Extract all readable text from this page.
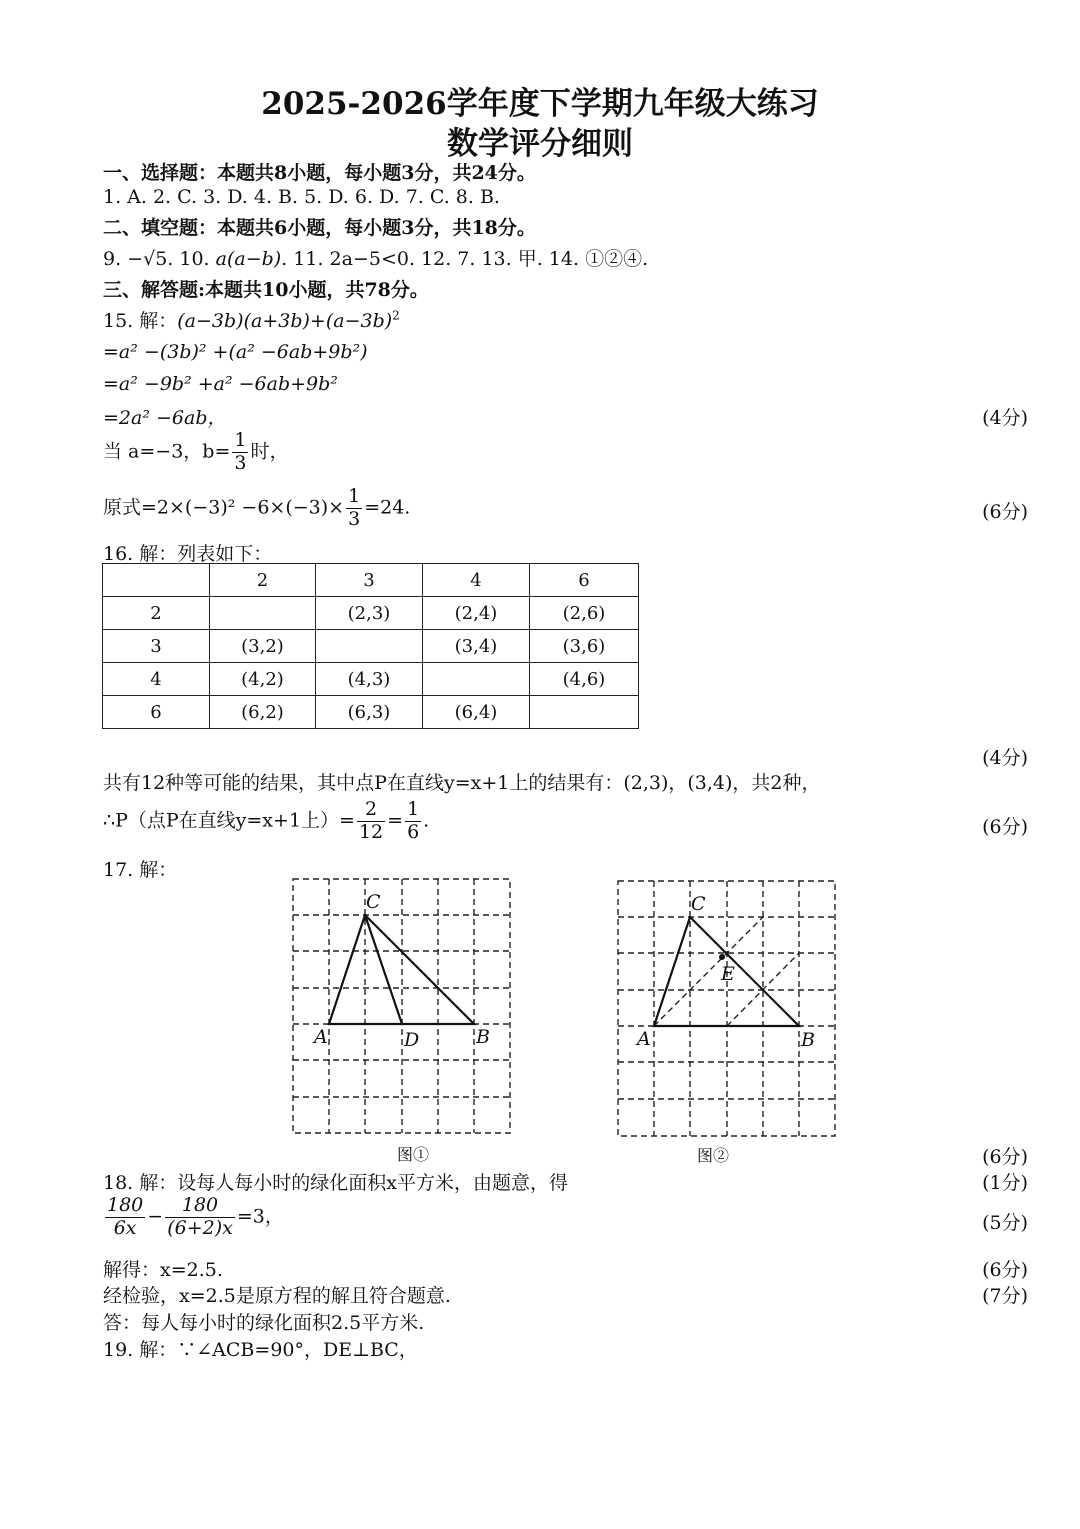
2025-2026学年度下学期九年级大练习
数学评分细则
一、选择题：本题共8小题，每小题3分，共24分。
1. A. 2. C. 3. D. 4. B. 5. D. 6. D. 7. C. 8. B.
二、填空题：本题共6小题，每小题3分，共18分。
9. −√5. 10. a(a−b). 11. 2a−5<0. 12. 7. 13. 甲. 14. ①②④.
三、解答题:本题共10小题，共78分。
15. 解：$(a-3b)(a+3b)+(a-3b)^2$
=a² −(3b)² +(a² −6ab+9b²)
=a² −9b² +a² −6ab+9b²
=2a² −6ab，	(4分)
当 a=−3，$b= \frac{1}{3}$ 时，
原式$=2\times(-3)^2 -6\times(-3)\times \frac{1}{3} =24$.	(6分)
16. 解：列表如下：
	2	3	4	6
2		(2,3)	(2,4)	(2,6)
3	(3,2)		(3,4)	(3,6)
4	(4,2)	(4,3)		(4,6)
6	(6,2)	(6,3)	(6,4)	
(4分)
共有12种等可能的结果，其中点P在直线y=x+1上的结果有：(2,3)，(3,4)，共2种，
∴P（点P在直线y=x+1上）= $\frac{2}{12} = \frac{1}{6}$ .	(6分)
17. 解：
C
A	D	B
图①
C
E
A	B
图②	(6分)
18. 解：设每人每小时的绿化面积x平方米，由题意，得	(1分)
$\frac{180}{6x} - \frac{180}{(6+2)x} =3$，	(5分)
解得：x=2.5.	(6分)
经检验，x=2.5是原方程的解且符合题意.	(7分)
答：每人每小时的绿化面积2.5平方米.
19. 解：∵∠ACB=90°，DE⊥BC，
